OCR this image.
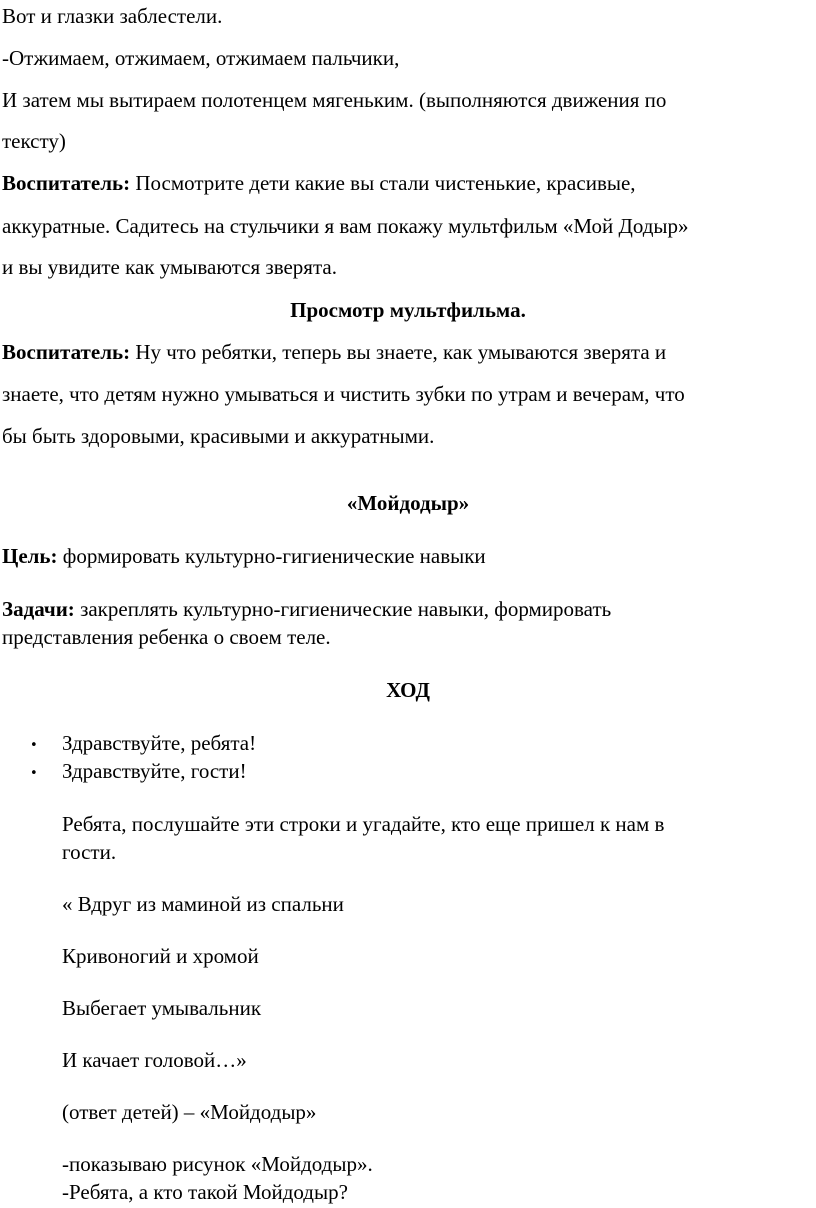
Вот и глазки заблестели.
-Отжимаем, отжимаем, отжимаем пальчики,
И затем мы вытираем полотенцем мягеньким. (выполняются движения по
тексту)
Воспитатель: Посмотрите дети какие вы стали чистенькие, красивые,
аккуратные. Садитесь на стульчики я вам покажу мультфильм «Мой Додыр»
и вы увидите как умываются зверята.
Просмотр мультфильма.
Воспитатель: Ну что ребятки, теперь вы знаете, как умываются зверята и
знаете, что детям нужно умываться и чистить зубки по утрам и вечерам, что
бы быть здоровыми, красивыми и аккуратными.
«Мойдодыр»
Цель: формировать культурно-гигиенические навыки
Задачи: закреплять культурно-гигиенические навыки, формировать
представления ребенка о своем теле.
ХОД
• Здравствуйте, ребята!
• Здравствуйте, гости!
Ребята, послушайте эти строки и угадайте, кто еще пришел к нам в
гости.
« Вдруг из маминой из спальни
Кривоногий и хромой
Выбегает умывальник
И качает головой…»
(ответ детей) – «Мойдодыр»
-показываю рисунок «Мойдодыр».
-Ребята, а кто такой Мойдодыр?
